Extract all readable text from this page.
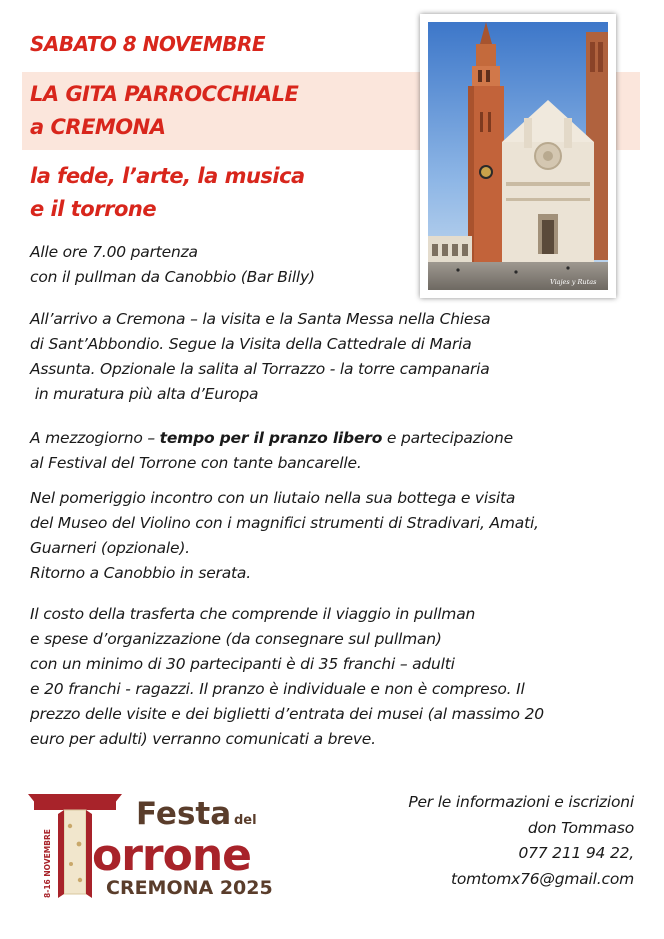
SABATO 8 NOVEMBRE

LA GITA PARROCCHIALE
a CREMONA
la fede, l’arte, la musica
e il torrone
Viajes y Rutas
Alle ore 7.00 partenza
con il pullman da Canobbio (Bar Billy)
All’arrivo a Cremona – la visita e la Santa Messa nella Chiesa
di Sant’Abbondio. Segue la Visita della Cattedrale di Maria
Assunta. Opzionale la salita al Torrazzo - la torre campanaria
in muratura più alta d’Europa
A mezzogiorno – tempo per il pranzo libero e partecipazione
al Festival del Torrone con tante bancarelle.
Nel pomeriggio incontro con un liutaio nella sua bottega e visita
del Museo del Violino con i magnifici strumenti di Stradivari, Amati,
Guarneri (opzionale).
Ritorno a Canobbio in serata.
Il costo della trasferta che comprende il viaggio in pullman
e spese d’organizzazione (da consegnare sul pullman)
con un minimo di 30 partecipanti è di 35 franchi – adulti
e 20 franchi - ragazzi. Il pranzo è individuale e non è compreso. Il
prezzo delle visite e dei biglietti d’entrata dei musei (al massimo 20
euro per adulti) verranno comunicati a breve.
8-16 NOVEMBRE
Festa del
orrone
CREMONA 2025
Per le informazioni e iscrizioni
don Tommaso
077 211 94 22,
tomtomx76@gmail.com
